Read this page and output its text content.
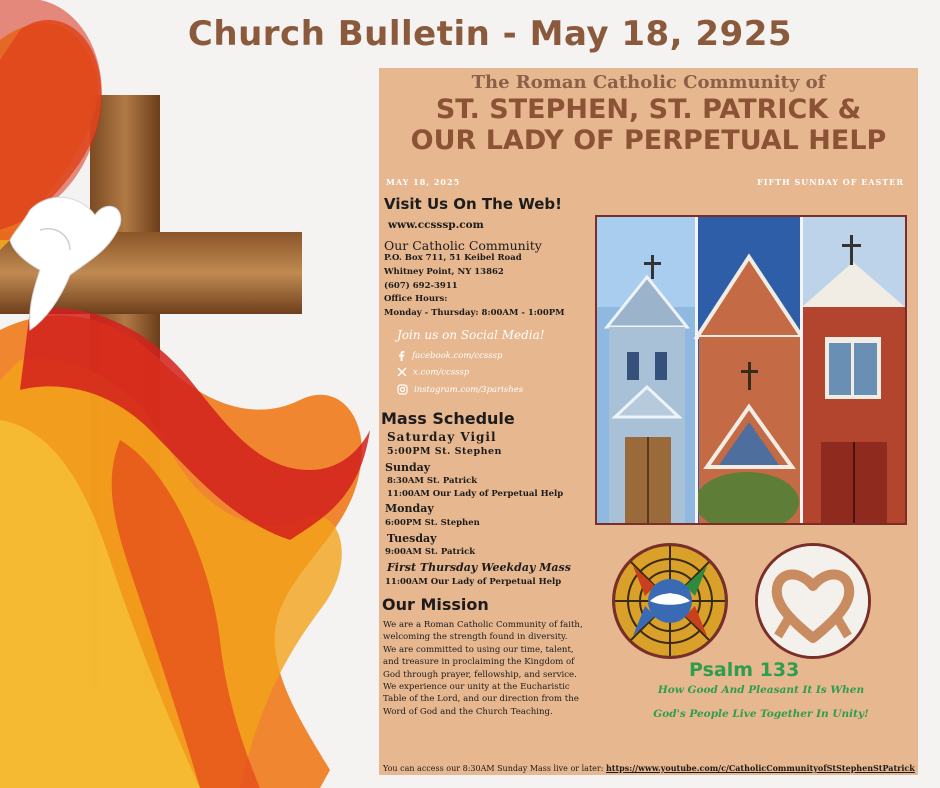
Church Bulletin - May 18, 2925
The Roman Catholic Community of
ST. STEPHEN, ST. PATRICK &
OUR LADY OF PERPETUAL HELP
MAY 18, 2025	FIFTH SUNDAY OF EASTER
Visit Us On The Web!
www.ccsssp.com
Our Catholic Community
P.O. Box 711, 51 Keibel Road
Whitney Point, NY 13862
(607) 692-3911
Office Hours:
Monday - Thursday: 8:00AM - 1:00PM
Join us on Social Media!
facebook.com/ccsssp
x.com/ccsssp
instagram.com/3parishes
Mass Schedule
Saturday Vigil
5:00PM St. Stephen
Sunday
8:30AM St. Patrick
11:00AM Our Lady of Perpetual Help
Monday
6:00PM St. Stephen
Tuesday
9:00AM St. Patrick
First Thursday Weekday Mass
11:00AM Our Lady of Perpetual Help
Our Mission

We are a Roman Catholic Community of faith, welcoming the strength found in diversity.

We are committed to using our time, talent, and treasure in proclaiming the Kingdom of God through prayer, fellowship, and service.

We experience our unity at the Eucharistic Table of the Lord, and our direction from the Word of God and the Church Teaching.

Psalm 133
How Good And Pleasant It Is When
God's People Live Together In Unity!
You can access our 8:30AM Sunday Mass live or later: https://www.youtube.com/c/CatholicCommunityofStStephenStPatrick
